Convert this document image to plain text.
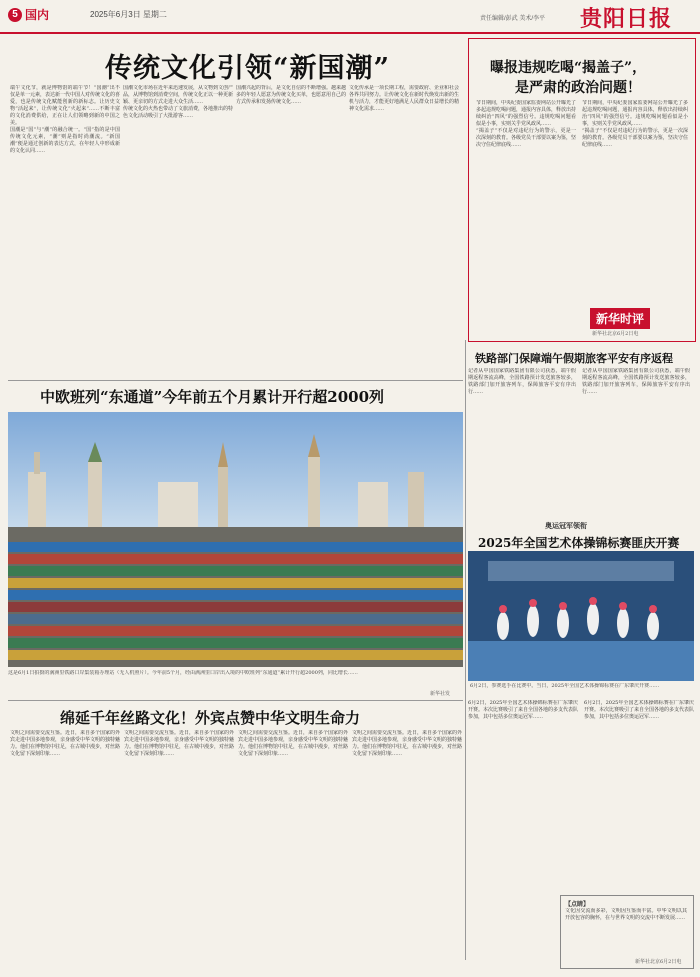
5 国内	2025年6月3日 星期二	责任编辑/彭武 美术/李平 贵阳日报
传统文化引领“新国潮”
端午文化节，就是博物馆的端午节！“国潮”出不仅是单一元素，表达新一代中国人对传统文化的喜爱，也是传统文化赋能创新的新标志。让历史文物“活起来”，让传统文化“火起来”……不断丰富的文化消费供给，正在让人们领略到新的中国之美。
国潮是“国”与“潮”的融合统一。“国”指的是中国传统文化元素，“潮”则是指时尚潮流。“新国潮”便是通过创新的表达方式，在年轻人中形成新的文化认同……
国潮文化市场在近年来迅速发展，从文物到文创产品，从博物馆到消费空间，传统文化正以一种更新颖、更亲切的方式走进大众生活……
传统文化的火热也带动了文旅消费，各地推出的特色文化活动吸引了大批游客……
国潮兴起的背后，是文化自信的不断增强。越来越多的年轻人愿意为传统文化买单，也愿意用自己的方式传承和发扬传统文化……
文化传承是一项长期工程，需要政府、企业和社会各界共同努力。让传统文化在新时代焕发出新的生机与活力，才能更好地满足人民群众日益增长的精神文化需求……
曝报违规吃喝“揭盖子”，
是严肃的政治问题！
节日期间，中央纪委国家监委网站公开曝光了多起违规吃喝问题，通报内容具体，释放出持续纠治“四风”的强烈信号。违规吃喝问题看似是小事，实则关乎党风政风……
“揭盖子”不仅是对违纪行为的警示，更是一次深刻的教育。各级党员干部要以案为鉴，坚决守住纪律底线……
节日期间，中央纪委国家监委网站公开曝光了多起违规吃喝问题，通报内容具体，释放出持续纠治“四风”的强烈信号。违规吃喝问题看似是小事，实则关乎党风政风……
“揭盖子”不仅是对违纪行为的警示，更是一次深刻的教育。各级党员干部要以案为鉴，坚决守住纪律底线……
新华时评
新华社北京6月2日电
铁路部门保障端午假期旅客平安有序返程
记者从中国国家铁路集团有限公司获悉，端午假期返程客流高峰，全国铁路预计发送旅客较多，铁路部门加开旅客列车，保障旅客平安有序出行……
记者从中国国家铁路集团有限公司获悉，端午假期返程客流高峰，全国铁路预计发送旅客较多，铁路部门加开旅客列车，保障旅客平安有序出行……
中欧班列“东通道”今年前五个月累计开行超2000列
这是6月1日拍摄的满洲里铁路口岸集装箱办理站（无人机照片）。今年前5个月，经由满洲里口岸出入境的中欧班列“东通道”累计开行超2000列，同比增长……
新华社发
奥运冠军领衔
2025年全国艺术体操锦标赛匪庆开赛
6月2日，参赛选手在比赛中。当日，2025年全国艺术体操锦标赛在广东肇庆开赛……
6月2日，2025年全国艺术体操锦标赛在广东肇庆开赛。本次比赛吸引了来自全国各地的多支代表队参加，其中包括多位奥运冠军……
6月2日，2025年全国艺术体操锦标赛在广东肇庆开赛。本次比赛吸引了来自全国各地的多支代表队参加，其中包括多位奥运冠军……
绵延千年丝路文化！外宾点赞中华文明生命力
文明之间需要交流互鉴。近日，来自多个国家的外宾走进中国多地参观，亲身感受中华文明的独特魅力。他们在博物馆中驻足，在古城中漫步，对丝路文化留下深刻印象……
文明之间需要交流互鉴。近日，来自多个国家的外宾走进中国多地参观，亲身感受中华文明的独特魅力。他们在博物馆中驻足，在古城中漫步，对丝路文化留下深刻印象……
文明之间需要交流互鉴。近日，来自多个国家的外宾走进中国多地参观，亲身感受中华文明的独特魅力。他们在博物馆中驻足，在古城中漫步，对丝路文化留下深刻印象……
文明之间需要交流互鉴。近日，来自多个国家的外宾走进中国多地参观，亲身感受中华文明的独特魅力。他们在博物馆中驻足，在古城中漫步，对丝路文化留下深刻印象……
【点睛】
文化因交流而多彩，文明因互鉴而丰富。中华文明以其开放包容的胸怀，在与世界文明的交流中不断发展……
新华社北京6月2日电
